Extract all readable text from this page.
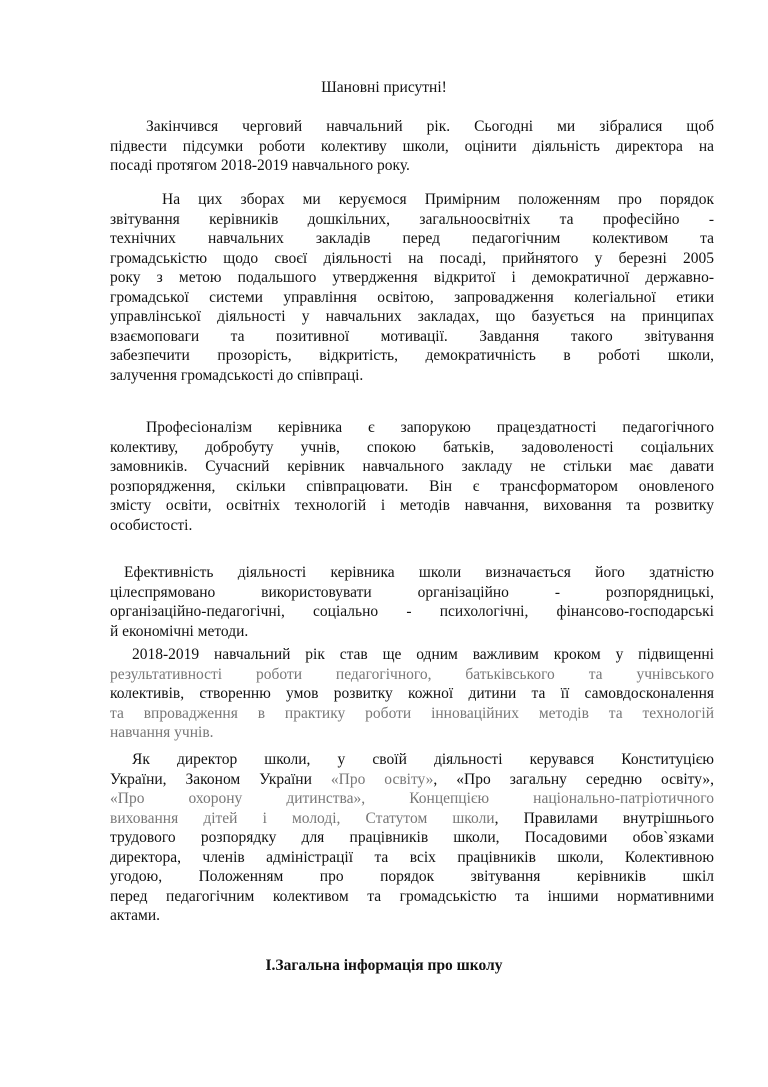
Шановні присутні!
Закінчився черговий навчальний рік. Сьогодні ми зібралися щоб
підвести підсумки роботи колективу школи, оцінити діяльність директора на
посаді протягом 2018-2019 навчального року.
На цих зборах ми керуємося Примірним положенням про порядок
звітування керівників дошкільних, загальноосвітніх та професійно -
технічних навчальних закладів перед педагогічним колективом та
громадськістю щодо своєї діяльності на посаді, прийнятого у березні 2005
року з метою подальшого утвердження відкритої і демократичної державно-
громадської системи управління освітою, запровадження колегіальної етики
управлінської діяльності у навчальних закладах, що базується на принципах
взаємоповаги та позитивної мотивації. Завдання такого звітування
забезпечити прозорість, відкритість, демократичність в роботі школи,
залучення громадськості до співпраці.
Професіоналізм керівника є запорукою працездатності педагогічного
колективу, добробуту учнів, спокою батьків, задоволеності соціальних
замовників. Сучасний керівник навчального закладу не стільки має давати
розпорядження, скільки співпрацювати. Він є трансформатором оновленого
змісту освіти, освітніх технологій і методів навчання, виховання та розвитку
особистості.
Ефективність діяльності керівника школи визначається його здатністю
цілеспрямовано використовувати організаційно - розпорядницькі,
організаційно-педагогічні, соціально - психологічні, фінансово-господарські
й економічні методи.
2018-2019 навчальний рік став ще одним важливим кроком у підвищенні
результативності роботи педагогічного, батьківського та учнівського
колективів, створенню умов розвитку кожної дитини та її самовдосконалення
та впровадження в практику роботи інноваційних методів та технологій
навчання учнів.
Як директор школи, у своїй діяльності керувався Конституцією
України, Законом України «Про освіту», «Про загальну середню освіту»,
«Про охорону дитинства», Концепцією національно-патріотичного
виховання дітей і молоді, Статутом школи, Правилами внутрішнього
трудового розпорядку для працівників школи, Посадовими обов`язками
директора, членів адміністрації та всіх працівників школи, Колективною
угодою, Положенням про порядок звітування керівників шкіл
перед педагогічним колективом та громадськістю та іншими нормативними
актами.
І.Загальна інформація про школу
